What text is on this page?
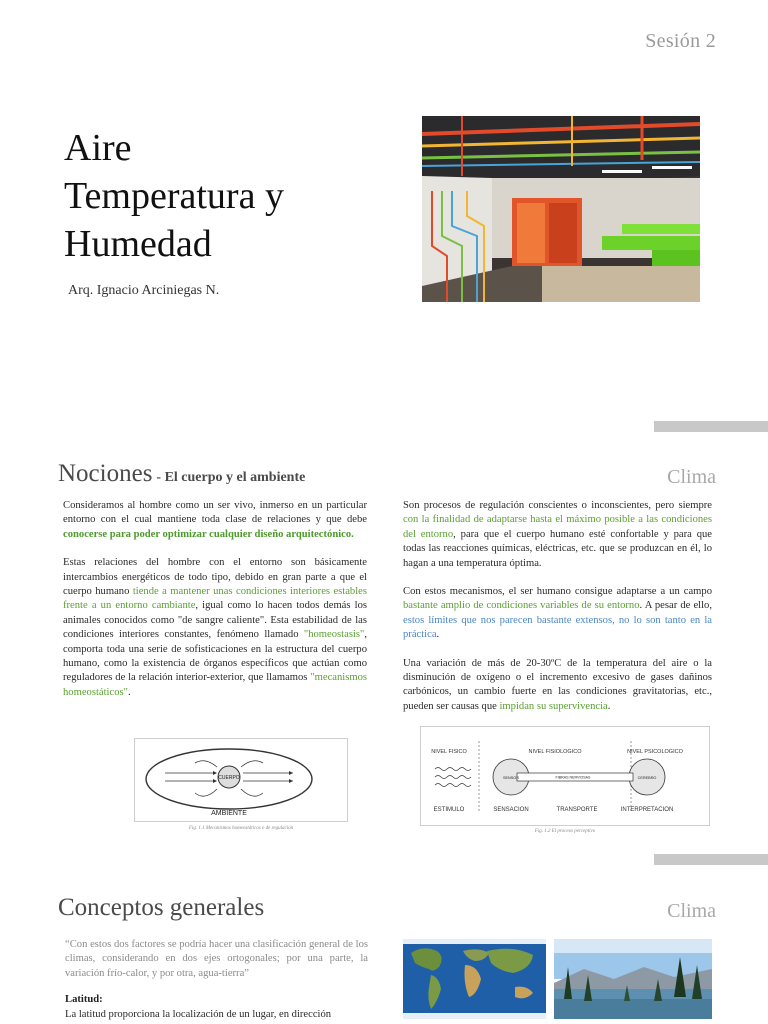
Sesión 2
Aire
Temperatura y
Humedad
Arq. Ignacio Arciniegas N.
Nociones - El cuerpo y el ambiente	Clima

Consideramos al hombre como un ser vivo, inmerso en un particular entorno con el cual mantiene toda clase de relaciones y que debe conocerse para poder optimizar cualquier diseño arquitectónico.

Estas relaciones del hombre con el entorno son básicamente intercambios energéticos de todo tipo, debido en gran parte a que el cuerpo humano tiende a mantener unas condiciones interiores estables frente a un entorno cambiante, igual como lo hacen todos demás los animales conocidos como "de sangre caliente". Esta estabilidad de las condiciones interiores constantes, fenómeno llamado "homeostasis", comporta toda una serie de sofisticaciones en la estructura del cuerpo humano, como la existencia de órganos específicos que actúan como reguladores de la relación interior-exterior, que llamamos "mecanismos homeostáticos".

Son procesos de regulación conscientes o inconscientes, pero siempre con la finalidad de adaptarse hasta el máximo posible a las condiciones del entorno, para que el cuerpo humano esté confortable y para que todas las reacciones químicas, eléctricas, etc. que se produzcan en él, lo hagan a una temperatura óptima.

Con estos mecanismos, el ser humano consigue adaptarse a un campo bastante amplio de condiciones variables de su entorno. A pesar de ello, estos límites que nos parecen bastante extensos, no lo son tanto en la práctica.

Una variación de más de 20-30ºC de la temperatura del aire o la disminución de oxígeno o el incremento excesivo de gases dañinos carbónicos, un cambio fuerte en las condiciones gravitatorias, etc., pueden ser causas que impidan su supervivencia.

CUERPO
AMBIENTE
Fig. 1.1 Mecanismos homeostáticos o de regulación
NIVEL FISICO	NIVEL FISIOLOGICO	NIVEL PSICOLOGICO
SENSOR	FIBRAS NERVIOSAS	CEREBRO
ESTIMULO	SENSACION	TRANSPORTE	INTERPRETACION
Fig. 1.2 El proceso perceptivo
Conceptos generales	Clima

“Con estos dos factores se podría hacer una clasificación general de los climas, considerando en dos ejes ortogonales; por una parte, la variación frío-calor, y por otra, agua-tierra”

Latitud:

La latitud proporciona la localización de un lugar, en dirección
